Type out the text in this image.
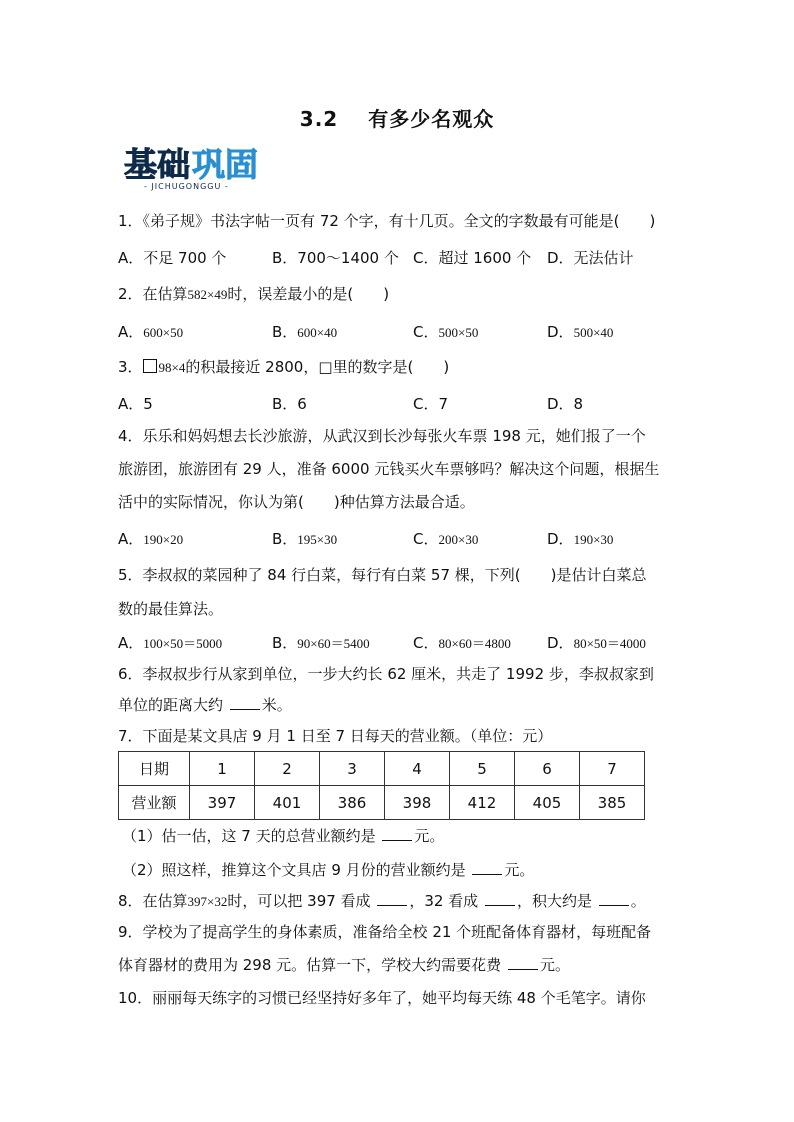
3.2 有多少名观众
基础 巩固
- JICHUGONGGU -
1．《弟子规》书法字帖一页有 72 个字，有十几页。全文的字数最有可能是(　　)
A．不足 700 个	B．700～1400 个 C．超过 1600 个 D．无法估计
2．在估算582×49时，误差最小的是(　　)
A．600×50	B．600×40	C．500×50	D．500×40
3． 98×4的积最接近 2800，□里的数字是(　　)
A．5	B．6	C．7	D．8
4．乐乐和妈妈想去长沙旅游，从武汉到长沙每张火车票 198 元，她们报了一个
旅游团，旅游团有 29 人，准备 6000 元钱买火车票够吗？解决这个问题，根据生
活中的实际情况，你认为第(　　)种估算方法最合适。
A．190×20	B．195×30	C．200×30	D．190×30
5．李叔叔的菜园种了 84 行白菜，每行有白菜 57 棵，下列(　　)是估计白菜总
数的最佳算法。
A．100×50＝5000	B．90×60＝5400	C．80×60＝4800 D．80×50＝4000
6．李叔叔步行从家到单位，一步大约长 62 厘米，共走了 1992 步，李叔叔家到
单位的距离大约 米。
7．下面是某文具店 9 月 1 日至 7 日每天的营业额。（单位：元）
日期	1	2	3	4	5	6	7
营业额	397	401	386	398	412	405	385
（1）估一估，这 7 天的总营业额约是 元。
（2）照这样，推算这个文具店 9 月份的营业额约是 元。
8．在估算397×32时，可以把 397 看成 ，32 看成 ，积大约是 。
9．学校为了提高学生的身体素质，准备给全校 21 个班配备体育器材，每班配备
体育器材的费用为 298 元。估算一下，学校大约需要花费 元。
10．丽丽每天练字的习惯已经坚持好多年了，她平均每天练 48 个毛笔字。请你
